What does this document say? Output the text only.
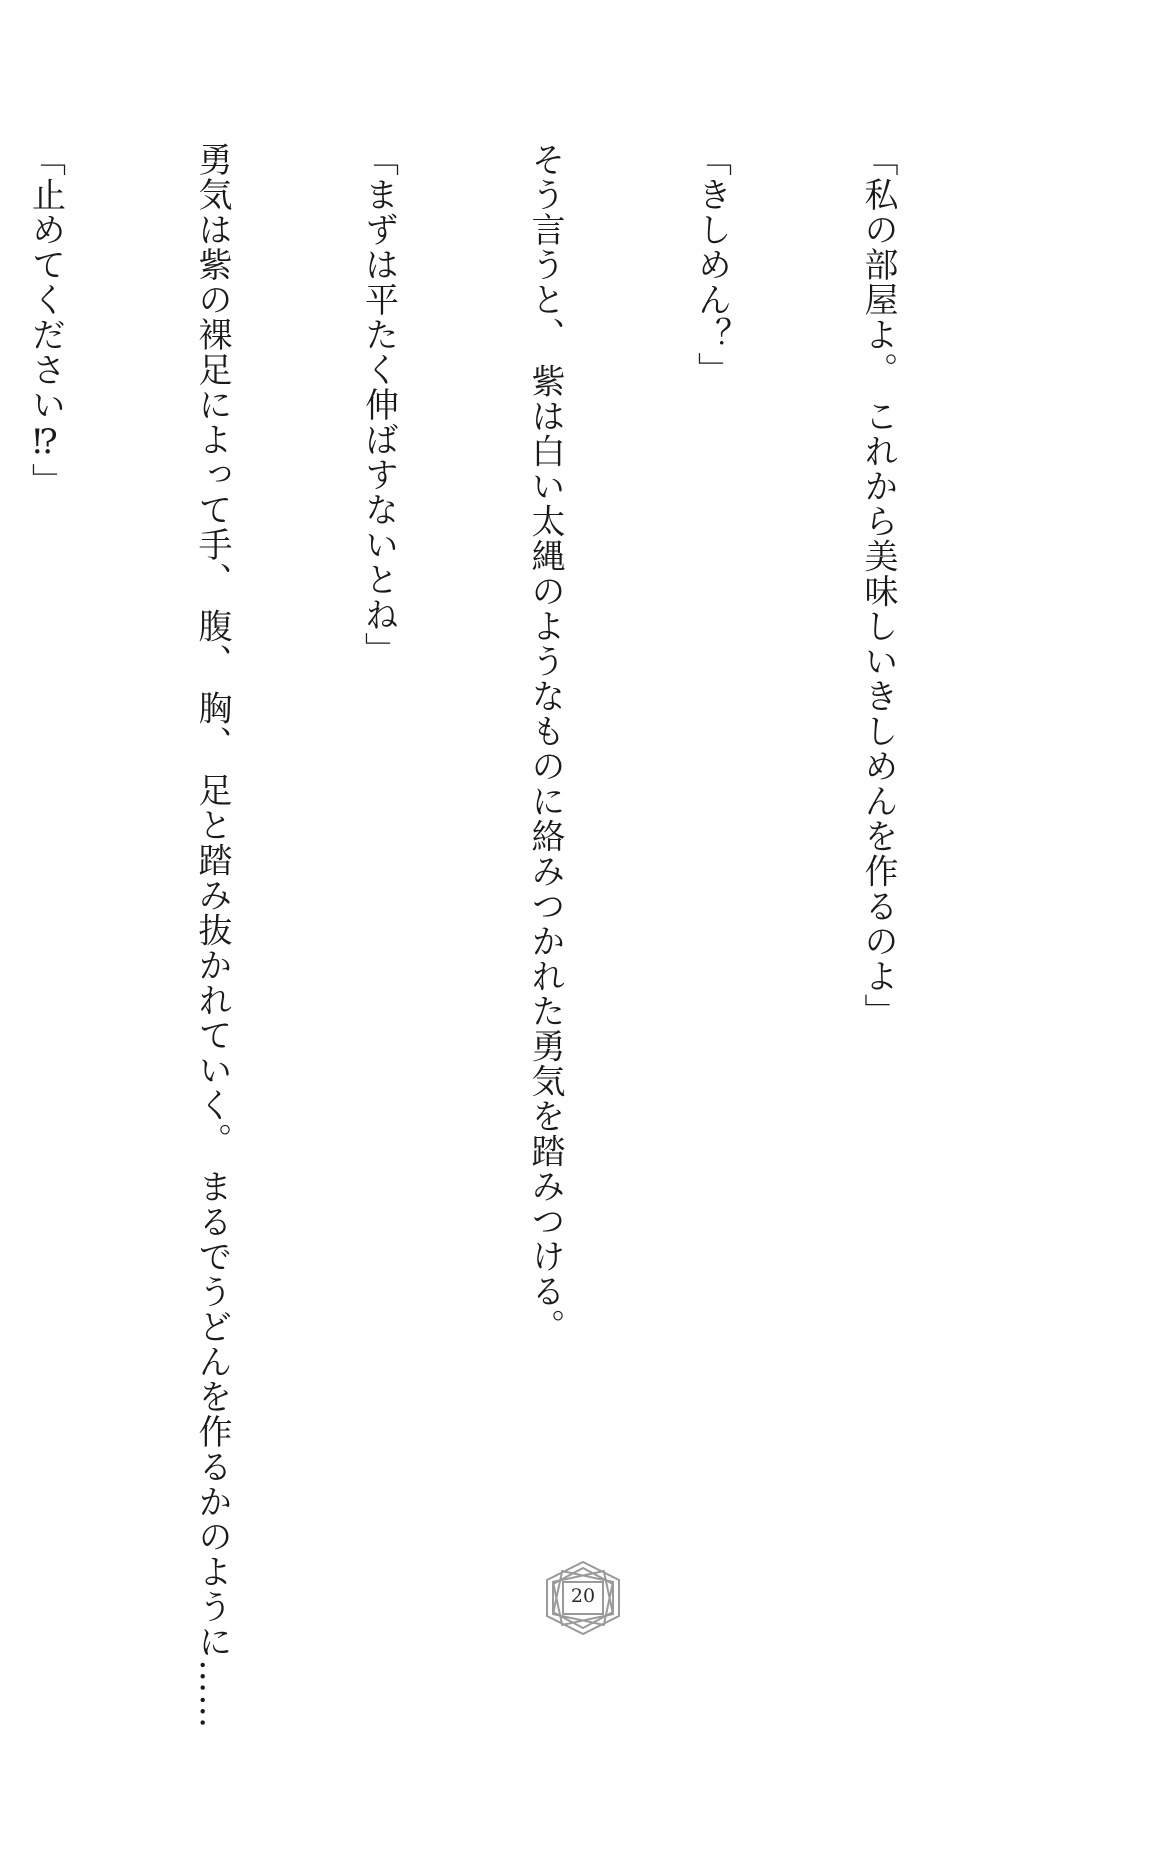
「私の部屋よ。 これから美味しいきしめんを作るのよ」

「きしめん？」

そう言うと、 紫は白い太縄のようなものに絡みつかれた勇気を踏みつける。

「まずは平たく伸ばすないとね」

勇気は紫の裸足によって手、 腹、 胸、 足と踏み抜かれていく。 まるでうどんを作るかのように……

「止めてください⁉」

20
